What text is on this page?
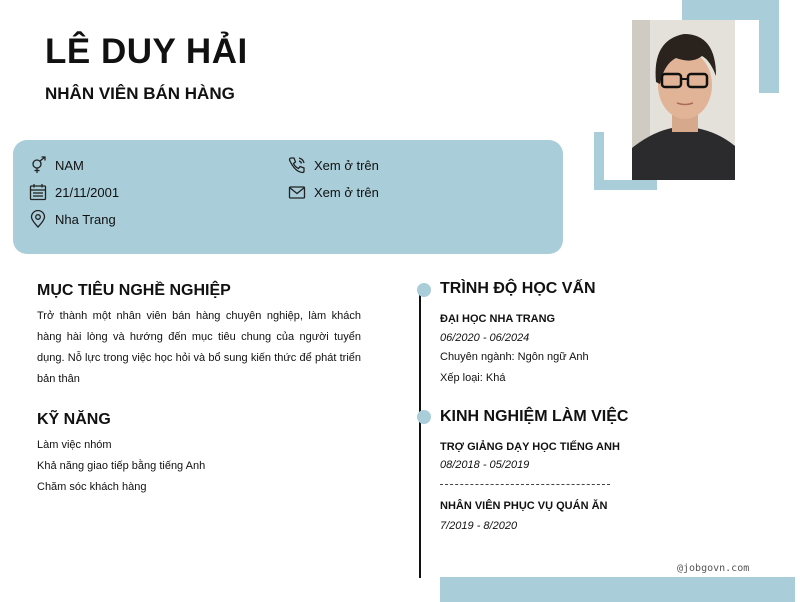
LÊ DUY HẢI
NHÂN VIÊN BÁN HÀNG
NAM
21/11/2001
Nha Trang
Xem ở trên
Xem ở trên
MỤC TIÊU NGHỀ NGHIỆP
Trở thành một nhân viên bán hàng chuyên nghiệp, làm khách hàng hài lòng và hướng đến mục tiêu chung của người tuyển dụng. Nỗ lực trong việc học hỏi và bổ sung kiến thức để phát triển bản thân
KỸ NĂNG
Làm việc nhóm
Khả năng giao tiếp bằng tiếng Anh
Chăm sóc khách hàng
TRÌNH ĐỘ HỌC VẤN
ĐẠI HỌC NHA TRANG
06/2020 - 06/2024
Chuyên ngành: Ngôn ngữ Anh
Xếp loại: Khá
KINH NGHIỆM LÀM VIỆC
TRỢ GIẢNG DẠY HỌC TIẾNG ANH
08/2018 - 05/2019
NHÂN VIÊN PHỤC VỤ QUÁN ĂN
7/2019 - 8/2020
@jobgovn.com
